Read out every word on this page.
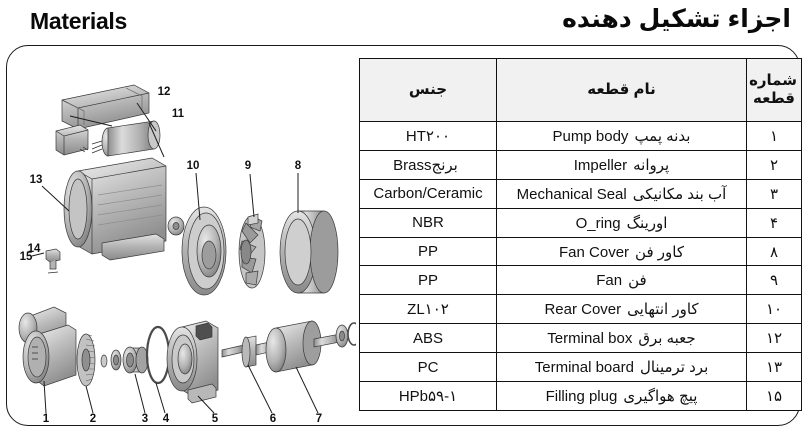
Materials	اجزاء تشکیل دهنده
13
14
15
12
11
10	9	8
1	2	3 4	5	6	7
شماره
قطعه	نام قطعه	جنس
۱	بدنه پمپPump body	HT۲۰۰
۲	پروانهImpeller	Brassبرنج
۳	آب بند مکانیکیMechanical Seal	Carbon/Ceramic
۴	اورینگO_ring	NBR
۸	کاور فنFan Cover	PP
۹	فنFan	PP
۱۰	کاور انتهاییRear Cover	ZL۱۰۲
۱۲	جعبه برقTerminal box	ABS
۱۳	برد ترمینالTerminal board	PC
۱۵	پیچ هواگیریFilling plug	HPb۵۹-۱
